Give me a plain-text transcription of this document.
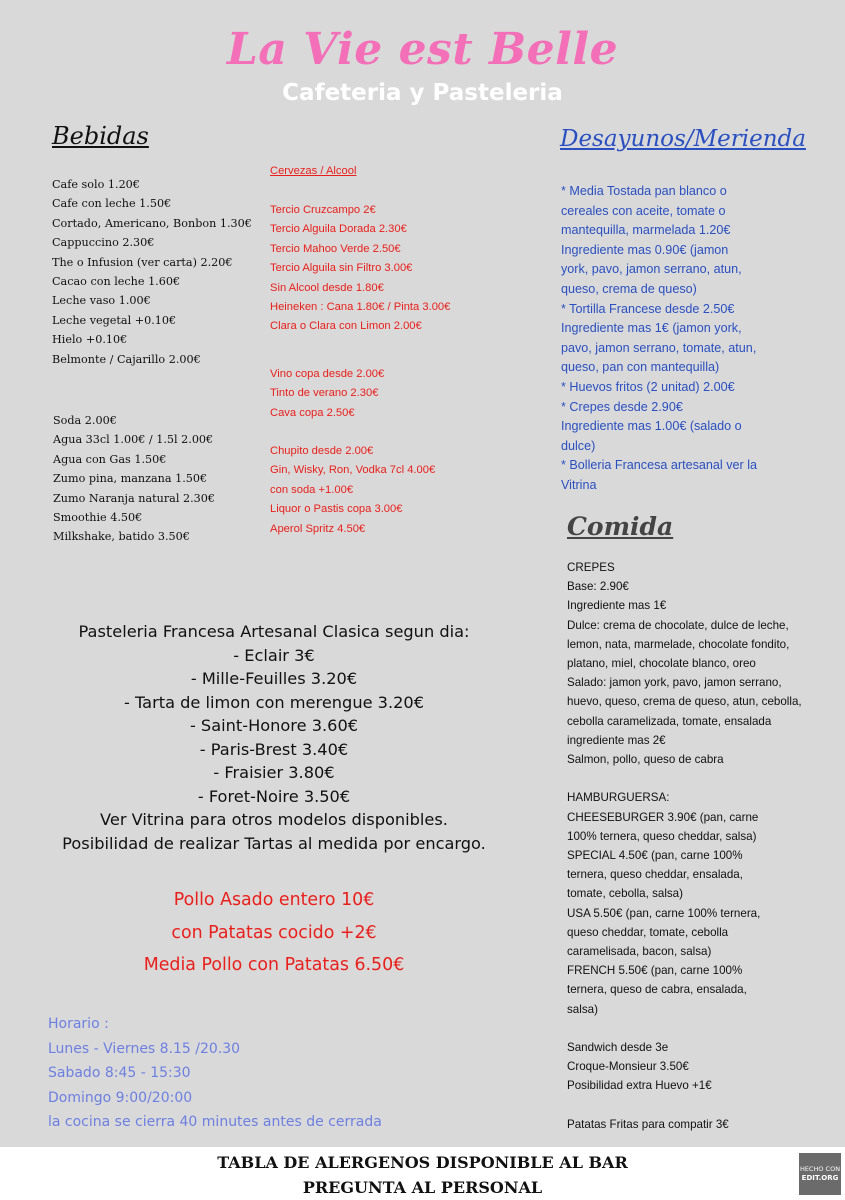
La Vie est Belle
Cafeteria y Pasteleria
Bebidas
Cafe solo 1.20€
Cafe con leche 1.50€
Cortado, Americano, Bonbon 1.30€
Cappuccino 2.30€
The o Infusion (ver carta) 2.20€
Cacao con leche 1.60€
Leche vaso 1.00€
Leche vegetal +0.10€
Hielo +0.10€
Belmonte / Cajarillo 2.00€
Soda 2.00€
Agua 33cl 1.00€ / 1.5l 2.00€
Agua con Gas 1.50€
Zumo pina, manzana 1.50€
Zumo Naranja natural 2.30€
Smoothie 4.50€
Milkshake, batido 3.50€
Cervezas / Alcool
Tercio Cruzcampo 2€
Tercio Alguila Dorada 2.30€
Tercio Mahoo Verde 2.50€
Tercio Alguila sin Filtro 3.00€
Sin Alcool desde 1.80€
Heineken : Cana 1.80€ / Pinta 3.00€
Clara o Clara con Limon 2.00€
Vino copa desde 2.00€
Tinto de verano 2.30€
Cava copa 2.50€
Chupito desde 2.00€
Gin, Wisky, Ron, Vodka 7cl 4.00€
con soda +1.00€
Liquor o Pastis copa 3.00€
Aperol Spritz 4.50€
Desayunos/Merienda
* Media Tostada pan blanco o
cereales con aceite, tomate o
mantequilla, marmelada 1.20€
Ingrediente mas 0.90€ (jamon
york, pavo, jamon serrano, atun,
queso, crema de queso)
* Tortilla Francese desde 2.50€
Ingrediente mas 1€ (jamon york,
pavo, jamon serrano, tomate, atun,
queso, pan con mantequilla)
* Huevos fritos (2 unitad) 2.00€
* Crepes desde 2.90€
Ingrediente mas 1.00€ (salado o
dulce)
* Bolleria Francesa artesanal ver la
Vitrina
Comida
CREPES
Base: 2.90€
Ingrediente mas 1€
Dulce: crema de chocolate, dulce de leche,
lemon, nata, marmelade, chocolate fondito,
platano, miel, chocolate blanco, oreo
Salado: jamon york, pavo, jamon serrano,
huevo, queso, crema de queso, atun, cebolla,
cebolla caramelizada, tomate, ensalada
ingrediente mas 2€
Salmon, pollo, queso de cabra

HAMBURGUERSA:
CHEESEBURGER 3.90€ (pan, carne
100% ternera, queso cheddar, salsa)
SPECIAL 4.50€ (pan, carne 100%
ternera, queso cheddar, ensalada,
tomate, cebolla, salsa)
USA 5.50€ (pan, carne 100% ternera,
queso cheddar, tomate, cebolla
caramelisada, bacon, salsa)
FRENCH 5.50€ (pan, carne 100%
ternera, queso de cabra, ensalada,
salsa)

Sandwich desde 3e
Croque-Monsieur 3.50€
Posibilidad extra Huevo +1€

Patatas Fritas para compatir 3€
Pasteleria Francesa Artesanal Clasica segun dia:
- Eclair 3€
- Mille-Feuilles 3.20€
- Tarta de limon con merengue 3.20€
- Saint-Honore 3.60€
- Paris-Brest 3.40€
- Fraisier 3.80€
- Foret-Noire 3.50€
Ver Vitrina para otros modelos disponibles.
Posibilidad de realizar Tartas al medida por encargo.
Pollo Asado entero 10€
con Patatas cocido +2€
Media Pollo con Patatas 6.50€
Horario :
Lunes - Viernes 8.15 /20.30
Sabado 8:45 - 15:30
Domingo 9:00/20:00
la cocina se cierra 40 minutes antes de cerrada
TABLA DE ALERGENOS DISPONIBLE AL BAR
PREGUNTA AL PERSONAL
HECHO CON
EDIT.ORG
